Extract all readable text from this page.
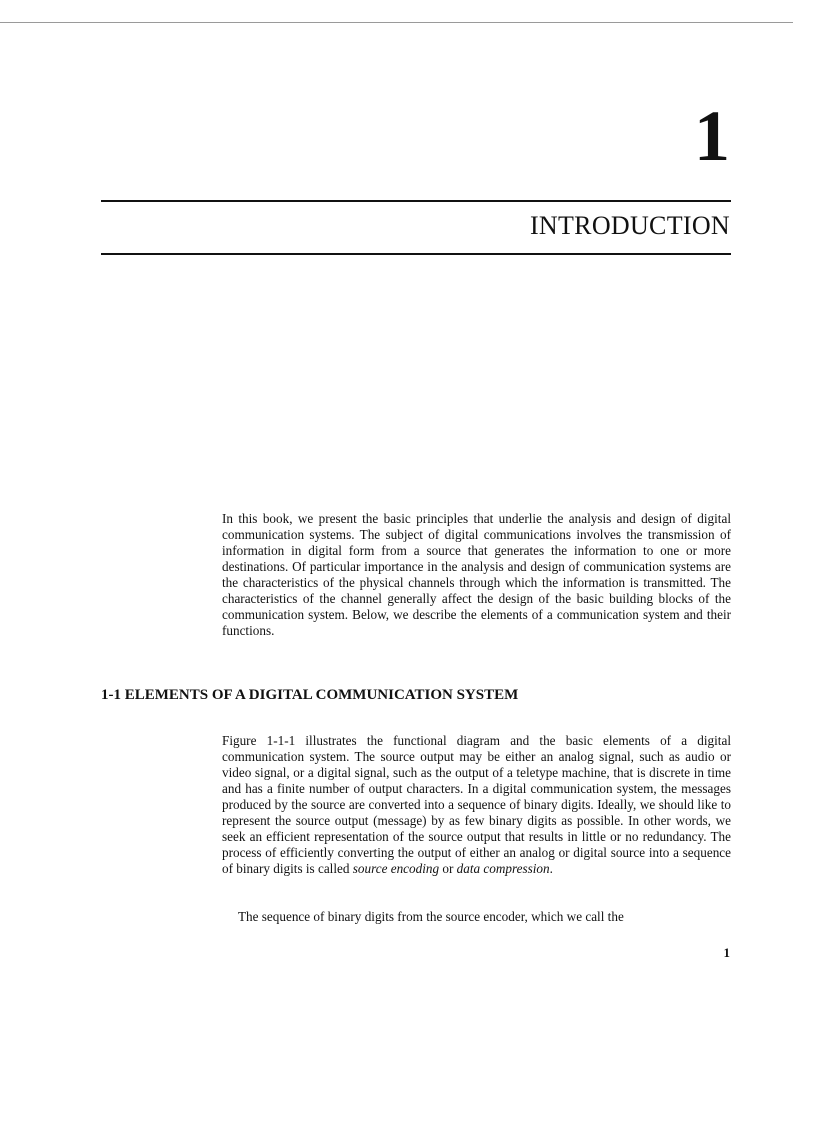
1
INTRODUCTION

In this book, we present the basic principles that underlie the analysis and design of digital communication systems. The subject of digital communications involves the transmission of information in digital form from a source that generates the information to one or more destinations. Of particular importance in the analysis and design of communication systems are the characteristics of the physical channels through which the information is transmitted. The characteristics of the channel generally affect the design of the basic building blocks of the communication system. Below, we describe the elements of a communication system and their functions.

1-1 ELEMENTS OF A DIGITAL COMMUNICATION SYSTEM

Figure 1-1-1 illustrates the functional diagram and the basic elements of a digital communication system. The source output may be either an analog signal, such as audio or video signal, or a digital signal, such as the output of a teletype machine, that is discrete in time and has a finite number of output characters. In a digital communication system, the messages produced by the source are converted into a sequence of binary digits. Ideally, we should like to represent the source output (message) by as few binary digits as possible. In other words, we seek an efficient representation of the source output that results in little or no redundancy. The process of efficiently converting the output of either an analog or digital source into a sequence of binary digits is called source encoding or data compression.

The sequence of binary digits from the source encoder, which we call the

1
